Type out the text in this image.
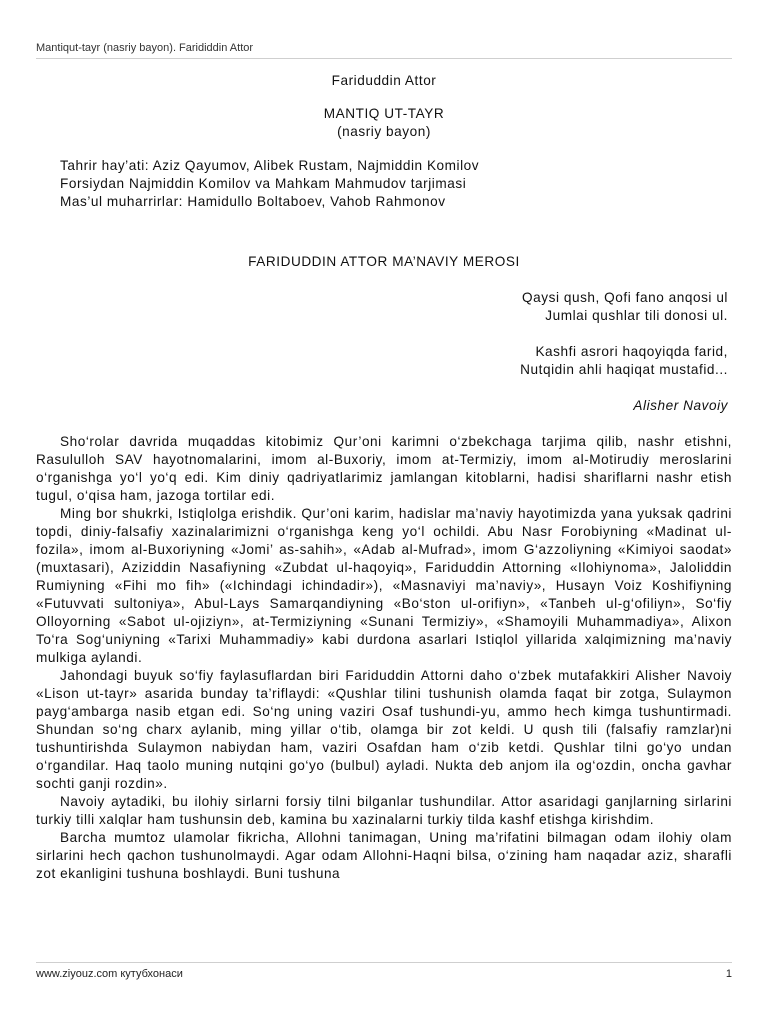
Mantiqut-tayr (nasriy bayon). Farididdin Attor
Fariduddin Attor
MANTIQ UT-TAYR
(nasriy bayon)
Tahrir hay’ati: Aziz Qayumov, Alibek Rustam, Najmiddin Komilov
Forsiydan Najmiddin Komilov va Mahkam Mahmudov tarjimasi
Mas’ul muharrirlar: Hamidullo Boltaboev, Vahob Rahmonov
FARIDUDDIN ATTOR MA’NAVIY MEROSI
Qaysi qush, Qofi fano anqosi ul
Jumlai qushlar tili donosi ul.
Kashfi asrori haqoyiqda farid,
Nutqidin ahli haqiqat mustafid...
Alisher Navoiy

Sho‘rolar davrida muqaddas kitobimiz Qur’oni karimni o‘zbekchaga tarjima qilib, nashr etishni, Rasululloh SAV hayotnomalarini, imom al-Buxoriy, imom at-Termiziy, imom al-Motirudiy meroslarini o‘rganishga yo‘l yo‘q edi. Kim diniy qadriyatlarimiz jamlangan kitoblarni, hadisi shariflarni nashr etish tugul, o‘qisa ham, jazoga tortilar edi.

Ming bor shukrki, Istiqlolga erishdik. Qur’oni karim, hadislar ma’naviy hayotimizda yana yuksak qadrini topdi, diniy-falsafiy xazinalarimizni o‘rganishga keng yo‘l ochildi. Abu Nasr Forobiyning «Madinat ul-fozila», imom al-Buxoriyning «Jomi’ as-sahih», «Adab al-Mufrad», imom G‘azzoliyning «Kimiyoi saodat» (muxtasari), Aziziddin Nasafiyning «Zubdat ul-haqoyiq», Fariduddin Attorning «Ilohiynoma», Jaloliddin Rumiyning «Fihi mo fih» («Ichindagi ichindadir»), «Masnaviyi ma’naviy», Husayn Voiz Koshifiyning «Futuvvati sultoniya», Abul-Lays Samarqandiyning «Bo‘ston ul-orifiyn», «Tanbeh ul-g‘ofiliyn», So‘fiy Olloyorning «Sabot ul-ojiziyn», at-Termiziyning «Sunani Termiziy», «Shamoyili Muhammadiya», Alixon To‘ra Sog‘uniyning «Tarixi Muhammadiy» kabi durdona asarlari Istiqlol yillarida xalqimizning ma’naviy mulkiga aylandi.

Jahondagi buyuk so‘fiy faylasuflardan biri Fariduddin Attorni daho o‘zbek mutafakkiri Alisher Navoiy «Lison ut-tayr» asarida bunday ta’riflaydi: «Qushlar tilini tushunish olamda faqat bir zotga, Sulaymon payg‘ambarga nasib etgan edi. So‘ng uning vaziri Osaf tushundi-yu, ammo hech kimga tushuntirmadi. Shundan so‘ng charx aylanib, ming yillar o‘tib, olamga bir zot keldi. U qush tili (falsafiy ramzlar)ni tushuntirishda Sulaymon nabiydan ham, vaziri Osafdan ham o‘zib ketdi. Qushlar tilni go‘yo undan o‘rgandilar. Haq taolo muning nutqini go‘yo (bulbul) ayladi. Nukta deb anjom ila og‘ozdin, oncha gavhar sochti ganji rozdin».

Navoiy aytadiki, bu ilohiy sirlarni forsiy tilni bilganlar tushundilar. Attor asaridagi ganjlarning sirlarini turkiy tilli xalqlar ham tushunsin deb, kamina bu xazinalarni turkiy tilda kashf etishga kirishdim.

Barcha mumtoz ulamolar fikricha, Allohni tanimagan, Uning ma’rifatini bilmagan odam ilohiy olam sirlarini hech qachon tushunolmaydi. Agar odam Allohni-Haqni bilsa, o‘zining ham naqadar aziz, sharafli zot ekanligini tushuna boshlaydi. Buni tushuna

www.ziyouz.com кутубхонаси	1
